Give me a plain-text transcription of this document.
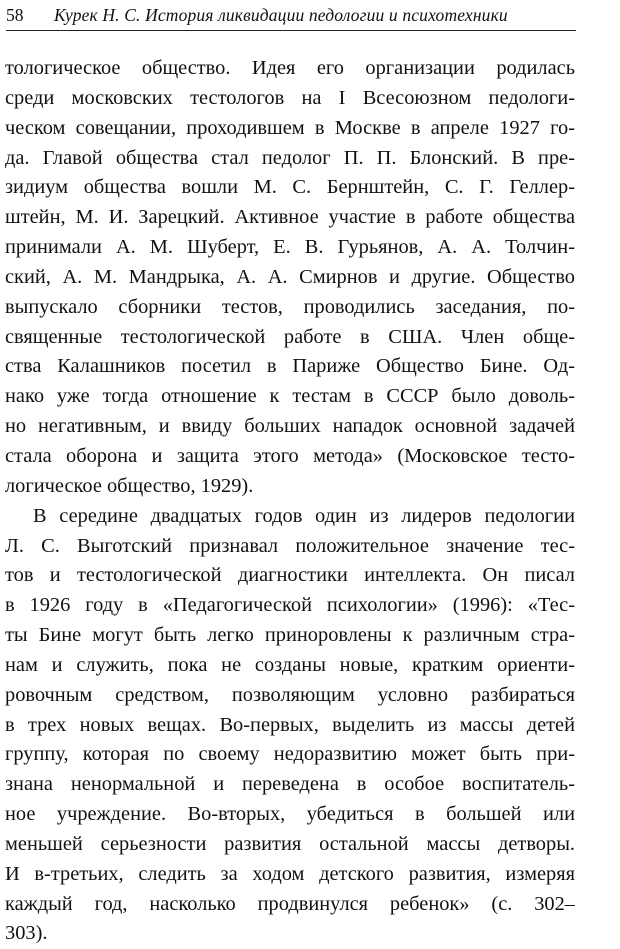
58 Курек Н. С. История ликвидации педологии и психотехники
тологическое общество. Идея его организации родилась
среди московских тестологов на I Всесоюзном педологи-
ческом совещании, проходившем в Москве в апреле 1927 го-
да. Главой общества стал педолог П. П. Блонский. В пре-
зидиум общества вошли М. С. Бернштейн, С. Г. Геллер-
штейн, М. И. Зарецкий. Активное участие в работе общества
принимали А. М. Шуберт, Е. В. Гурьянов, А. А. Толчин-
ский, А. М. Мандрыка, А. А. Смирнов и другие. Общество
выпускало сборники тестов, проводились заседания, по-
священные тестологической работе в США. Член обще-
ства Калашников посетил в Париже Общество Бине. Од-
нако уже тогда отношение к тестам в СССР было доволь-
но негативным, и ввиду больших нападок основной задачей
стала оборона и защита этого метода» (Московское тесто-
логическое общество, 1929).
В середине двадцатых годов один из лидеров педологии
Л. С. Выготский признавал положительное значение тес-
тов и тестологической диагностики интеллекта. Он писал
в 1926 году в «Педагогической психологии» (1996): «Тес-
ты Бине могут быть легко приноровлены к различным стра-
нам и служить, пока не созданы новые, кратким ориенти-
ровочным средством, позволяющим условно разбираться
в трех новых вещах. Во-первых, выделить из массы детей
группу, которая по своему недоразвитию может быть при-
знана ненормальной и переведена в особое воспитатель-
ное учреждение. Во-вторых, убедиться в большей или
меньшей серьезности развития остальной массы детворы.
И в-третьих, следить за ходом детского развития, измеряя
каждый год, насколько продвинулся ребенок» (с. 302–
303).
